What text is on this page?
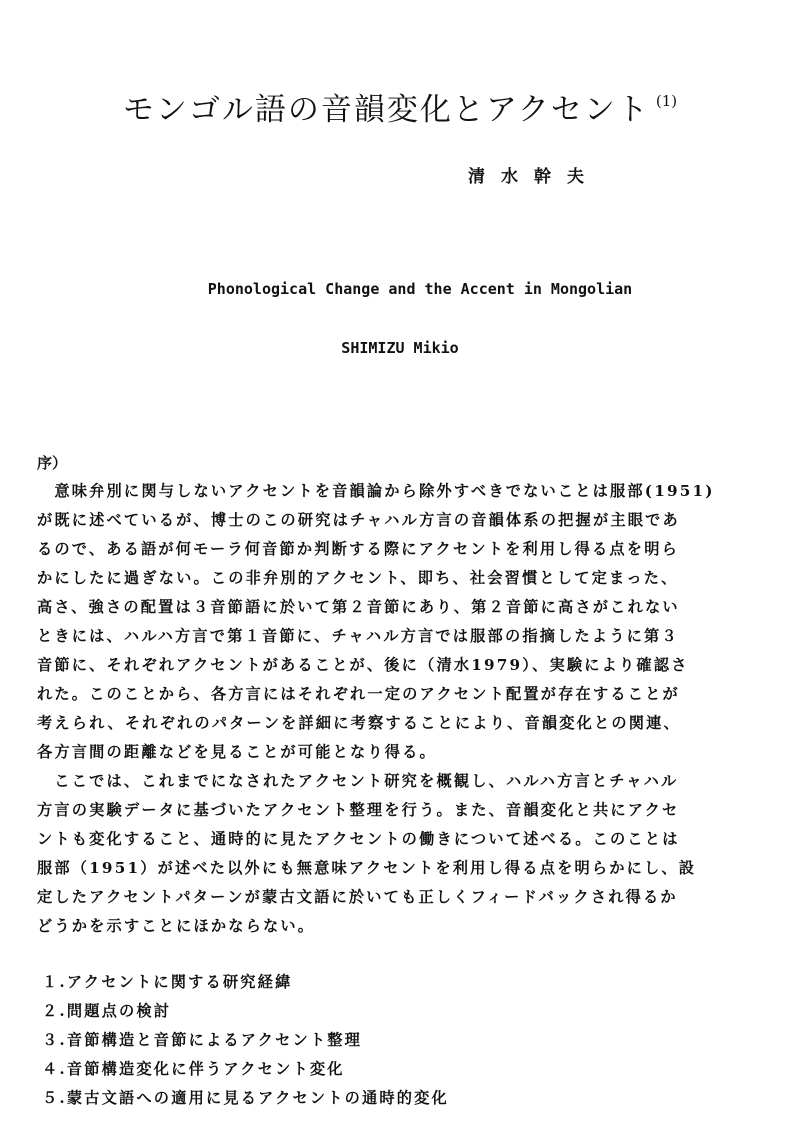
モンゴル語の音韻変化とアクセント $^{(1)}$
清水幹夫
Phonological Change and the Accent in Mongolian
SHIMIZU Mikio
序）
　意味弁別に関与しないアクセントを音韻論から除外すべきでないことは服部(1951)
が既に述べているが、博士のこの研究はチャハル方言の音韻体系の把握が主眼であ
るので、ある語が何モーラ何音節か判断する際にアクセントを利用し得る点を明ら
かにしたに過ぎない。この非弁別的アクセント、即ち、社会習慣として定まった、
高さ、強さの配置は３音節語に於いて第２音節にあり、第２音節に高さがこれない
ときには、ハルハ方言で第１音節に、チャハル方言では服部の指摘したように第３
音節に、それぞれアクセントがあることが、後に（清水1979）、実験により確認さ
れた。このことから、各方言にはそれぞれ一定のアクセント配置が存在することが
考えられ、それぞれのパターンを詳細に考察することにより、音韻変化との関連、
各方言間の距離などを見ることが可能となり得る。
　ここでは、これまでになされたアクセント研究を概観し、ハルハ方言とチャハル
方言の実験データに基づいたアクセント整理を行う。また、音韻変化と共にアクセ
ントも変化すること、通時的に見たアクセントの働きについて述べる。このことは
服部（1951）が述べた以外にも無意味アクセントを利用し得る点を明らかにし、設
定したアクセントパターンが蒙古文語に於いても正しくフィードバックされ得るか
どうかを示すことにほかならない。
１.アクセントに関する研究経緯
２.問題点の検討
３.音節構造と音節によるアクセント整理
４.音節構造変化に伴うアクセント変化
５.蒙古文語への適用に見るアクセントの通時的変化
